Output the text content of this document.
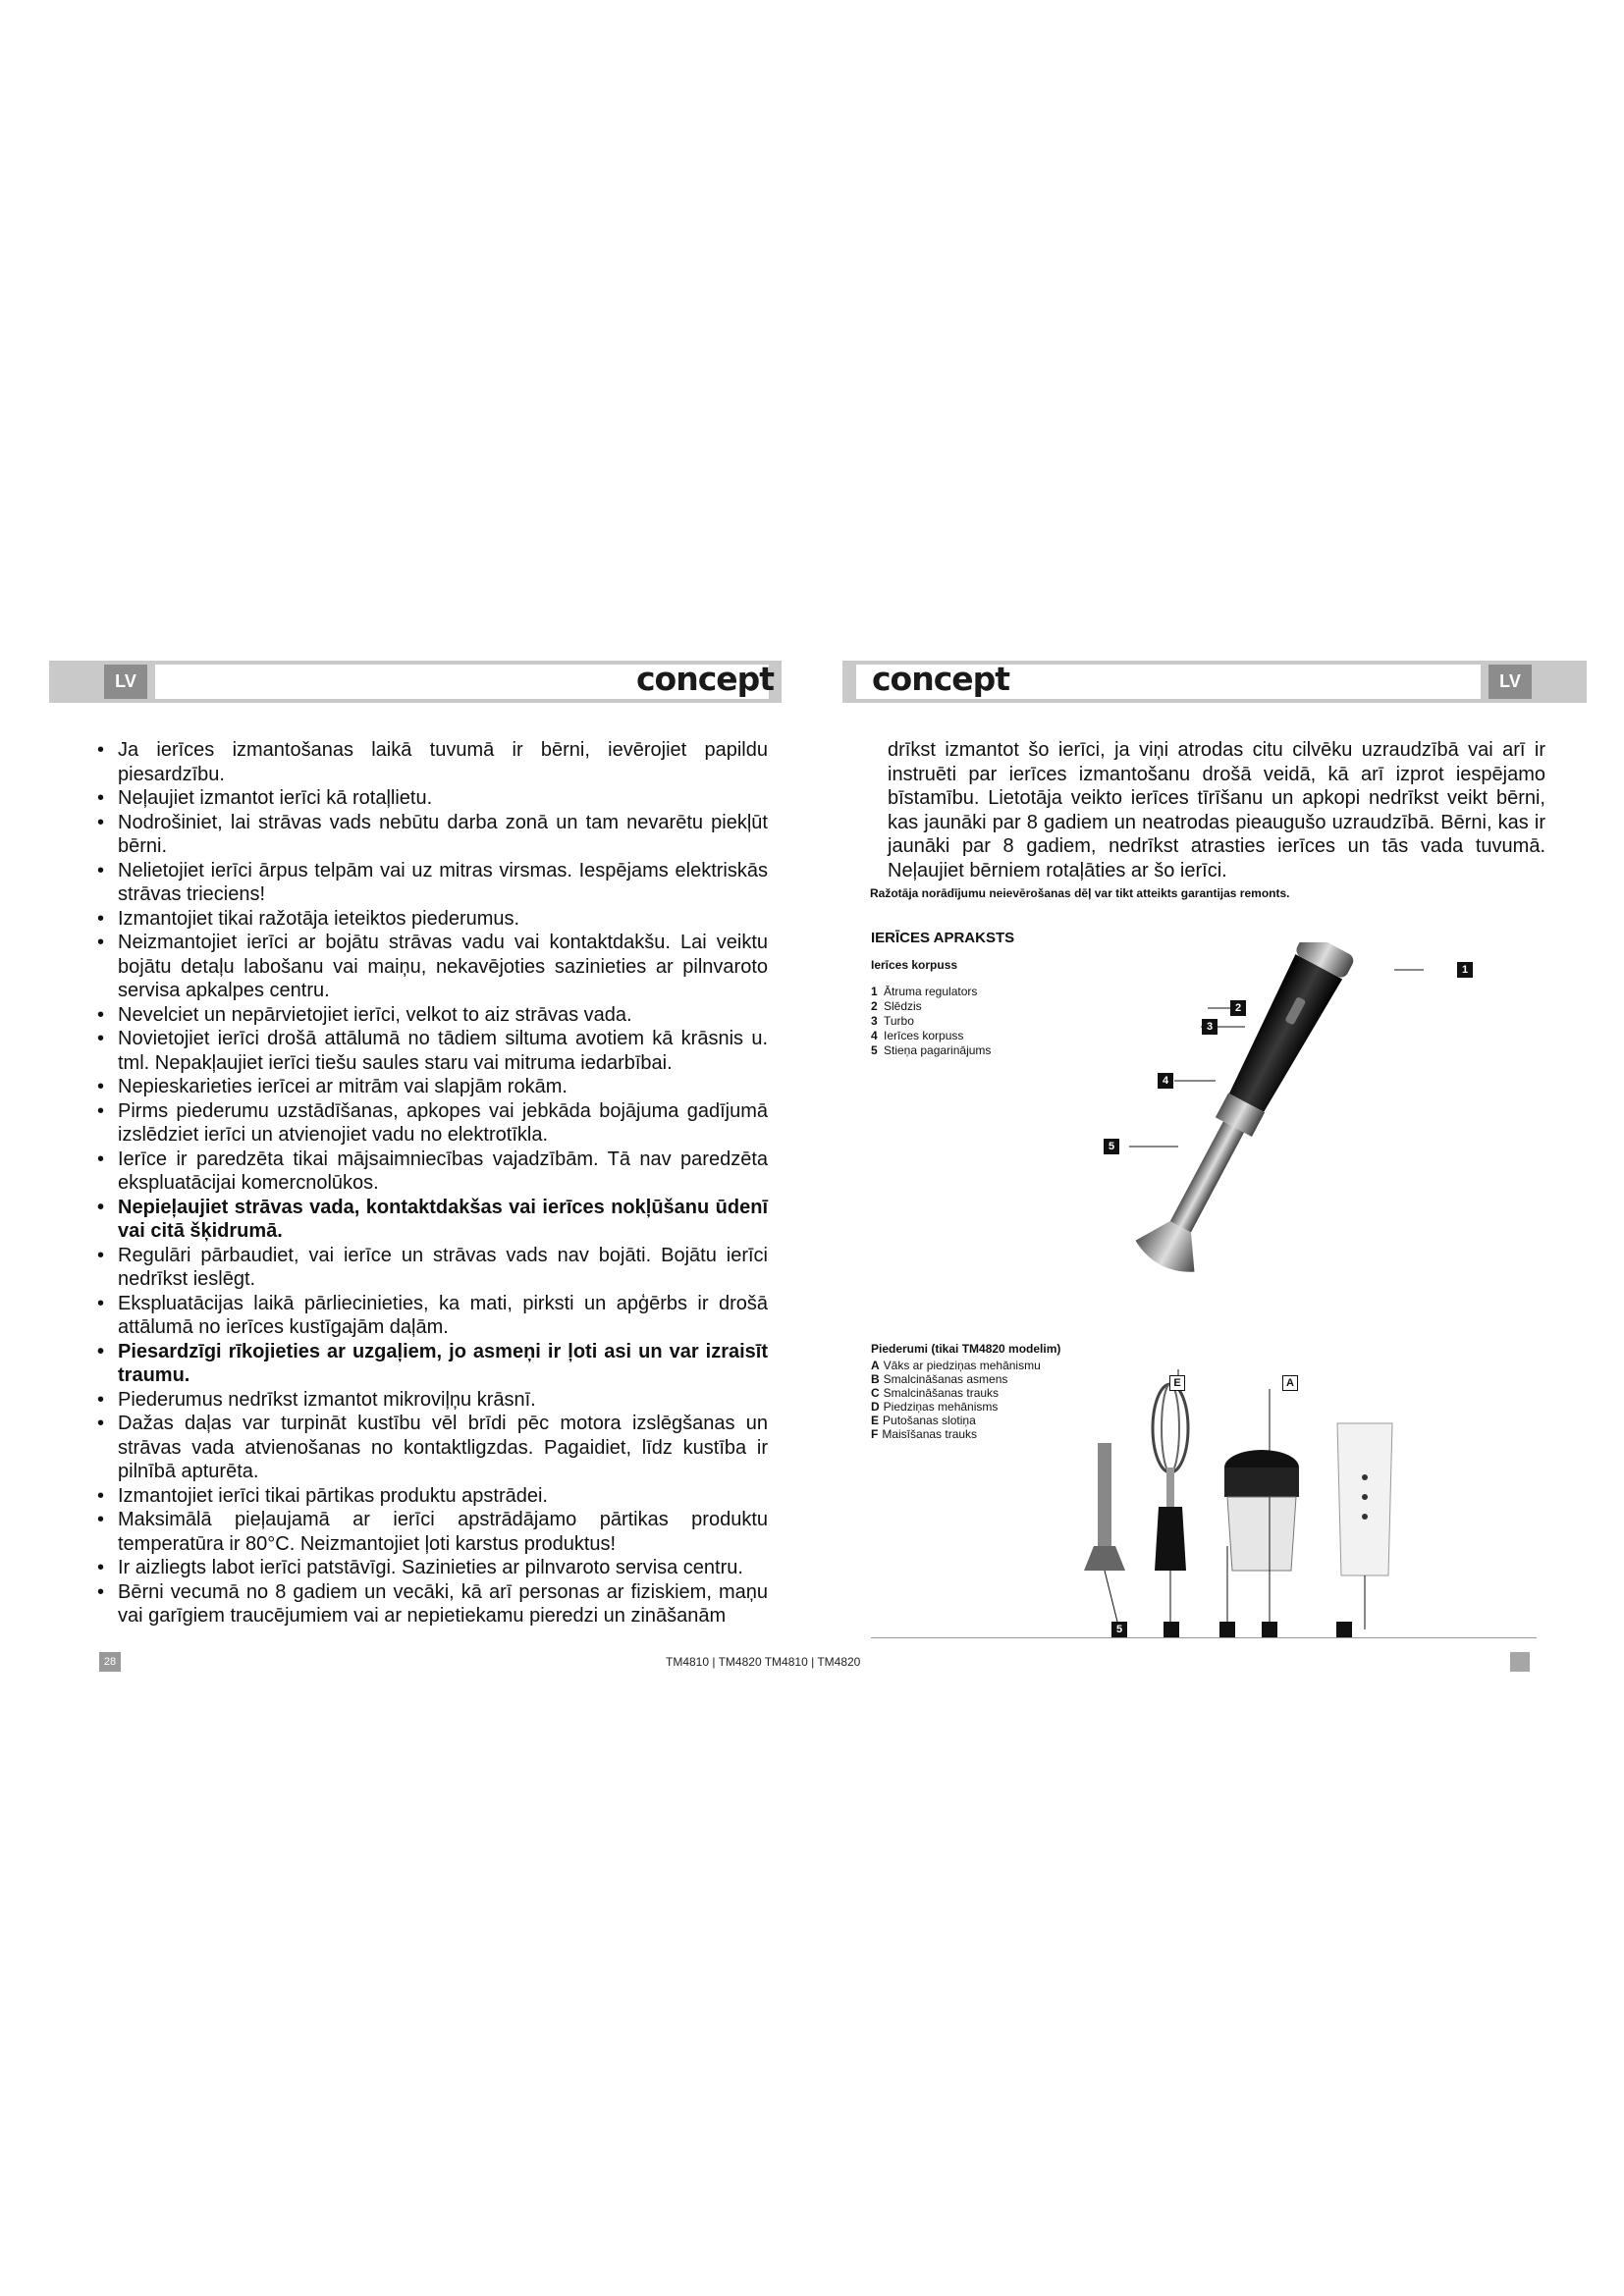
LV	LV
concept	concept
• Ja ierīces izmantošanas laikā tuvumā ir bērni, ievērojiet papildu piesardzību.
• Neļaujiet izmantot ierīci kā rotaļlietu.
• Nodrošiniet, lai strāvas vads nebūtu darba zonā un tam nevarētu piekļūt bērni.
• Nelietojiet ierīci ārpus telpām vai uz mitras virsmas. Iespējams elektriskās strāvas trieciens!
• Izmantojiet tikai ražotāja ieteiktos piederumus.
• Neizmantojiet ierīci ar bojātu strāvas vadu vai kontaktdakšu. Lai veiktu bojātu detaļu labošanu vai maiņu, nekavējoties sazinieties ar pilnvaroto servisa apkalpes centru.
• Nevelciet un nepārvietojiet ierīci, velkot to aiz strāvas vada.
• Novietojiet ierīci drošā attālumā no tādiem siltuma avotiem kā krāsnis u. tml. Nepakļaujiet ierīci tiešu saules staru vai mitruma iedarbībai.
• Nepieskarieties ierīcei ar mitrām vai slapjām rokām.
• Pirms piederumu uzstādīšanas, apkopes vai jebkāda bojājuma gadījumā izslēdziet ierīci un atvienojiet vadu no elektrotīkla.
• Ierīce ir paredzēta tikai mājsaimniecības vajadzībām. Tā nav paredzēta ekspluatācijai komercnolūkos.
• Nepieļaujiet strāvas vada, kontaktdakšas vai ierīces nokļūšanu ūdenī vai citā šķidrumā.
• Regulāri pārbaudiet, vai ierīce un strāvas vads nav bojāti. Bojātu ierīci nedrīkst ieslēgt.
• Ekspluatācijas laikā pārliecinieties, ka mati, pirksti un apģērbs ir drošā attālumā no ierīces kustīgajām daļām.
• Piesardzīgi rīkojieties ar uzgaļiem, jo asmeņi ir ļoti asi un var izraisīt traumu.
• Piederumus nedrīkst izmantot mikroviļņu krāsnī.
• Dažas daļas var turpināt kustību vēl brīdi pēc motora izslēgšanas un strāvas vada atvienošanas no kontaktligzdas. Pagaidiet, līdz kustība ir pilnībā apturēta.
• Izmantojiet ierīci tikai pārtikas produktu apstrādei.
• Maksimālā pieļaujamā ar ierīci apstrādājamo pārtikas produktu temperatūra ir 80°C. Neizmantojiet ļoti karstus produktus!
• Ir aizliegts labot ierīci patstāvīgi. Sazinieties ar pilnvaroto servisa centru.
• Bērni vecumā no 8 gadiem un vecāki, kā arī personas ar fiziskiem, maņu vai garīgiem traucējumiem vai ar nepietiekamu pieredzi un zināšanām

drīkst izmantot šo ierīci, ja viņi atrodas citu cilvēku uzraudzībā vai arī ir instruēti par ierīces izmantošanu drošā veidā, kā arī izprot iespējamo bīstamību. Lietotāja veikto ierīces tīrīšanu un apkopi nedrīkst veikt bērni, kas jaunāki par 8 gadiem un neatrodas pieaugušo uzraudzībā. Bērni, kas ir jaunāki par 8 gadiem, nedrīkst atrasties ierīces un tās vada tuvumā. Neļaujiet bērniem rotaļāties ar šo ierīci.

Ražotāja norādījumu neievērošanas dēļ var tikt atteikts garantijas remonts.

IERĪCES APRAKSTS
Ierīces korpuss
1 Ātruma regulators
2 Slēdzis
3 Turbo
4 Ierīces korpuss
5 Stieņa pagarinājums
1
2
3
4
5
Piederumi (tikai TM4820 modelim)
A Vāks ar piedziņas mehānismu
B Smalcināšanas asmens
C Smalcināšanas trauks
D Piedziņas mehānisms
E Putošanas slotiņa
F Maisīšanas trauks
E	A
5
28	TM4810 | TM4820 TM4810 | TM4820
